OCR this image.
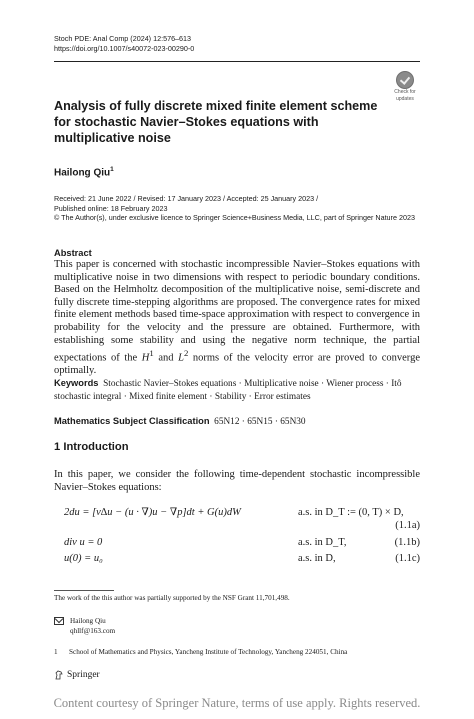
Stoch PDE: Anal Comp (2024) 12:576–613
https://doi.org/10.1007/s40072-023-00290-0
Check for
updates
Analysis of fully discrete mixed finite element scheme for stochastic Navier–Stokes equations with multiplicative noise
Hailong Qiu$^1$
Received: 21 June 2022 / Revised: 17 January 2023 / Accepted: 25 January 2023 /
Published online: 18 February 2023
© The Author(s), under exclusive licence to Springer Science+Business Media, LLC, part of Springer Nature 2023
Abstract
This paper is concerned with stochastic incompressible Navier–Stokes equations with multiplicative noise in two dimensions with respect to periodic boundary conditions. Based on the Helmholtz decomposition of the multiplicative noise, semi-discrete and fully discrete time-stepping algorithms are proposed. The convergence rates for mixed finite element methods based time-space approximation with respect to convergence in probability for the velocity and the pressure are obtained. Furthermore, with establishing some stability and using the negative norm technique, the partial expectations of the $H^1$ and $L^2$ norms of the velocity error are proved to converge optimally.
Keywords Stochastic Navier–Stokes equations · Multiplicative noise · Wiener process · Itô stochastic integral · Mixed finite element · Stability · Error estimates
Mathematics Subject Classification 65N12 · 65N15 · 65N30
1 Introduction
In this paper, we consider the following time-dependent stochastic incompressible Navier–Stokes equations:
2du = [ν∆u − (u · ∇)u − ∇p]dt + G(u)dW	a.s. in D_T := (0, T) × D,
(1.1a)
div u = 0	a.s. in D_T,	(1.1b)
u(0) = u₀	a.s. in D,	(1.1c)
The work of the this author was partially supported by the NSF Grant 11,701,498.
Hailong Qiu
qhllf@163.com
1 School of Mathematics and Physics, Yancheng Institute of Technology, Yancheng 224051, China
Springer
Content courtesy of Springer Nature, terms of use apply. Rights reserved.
